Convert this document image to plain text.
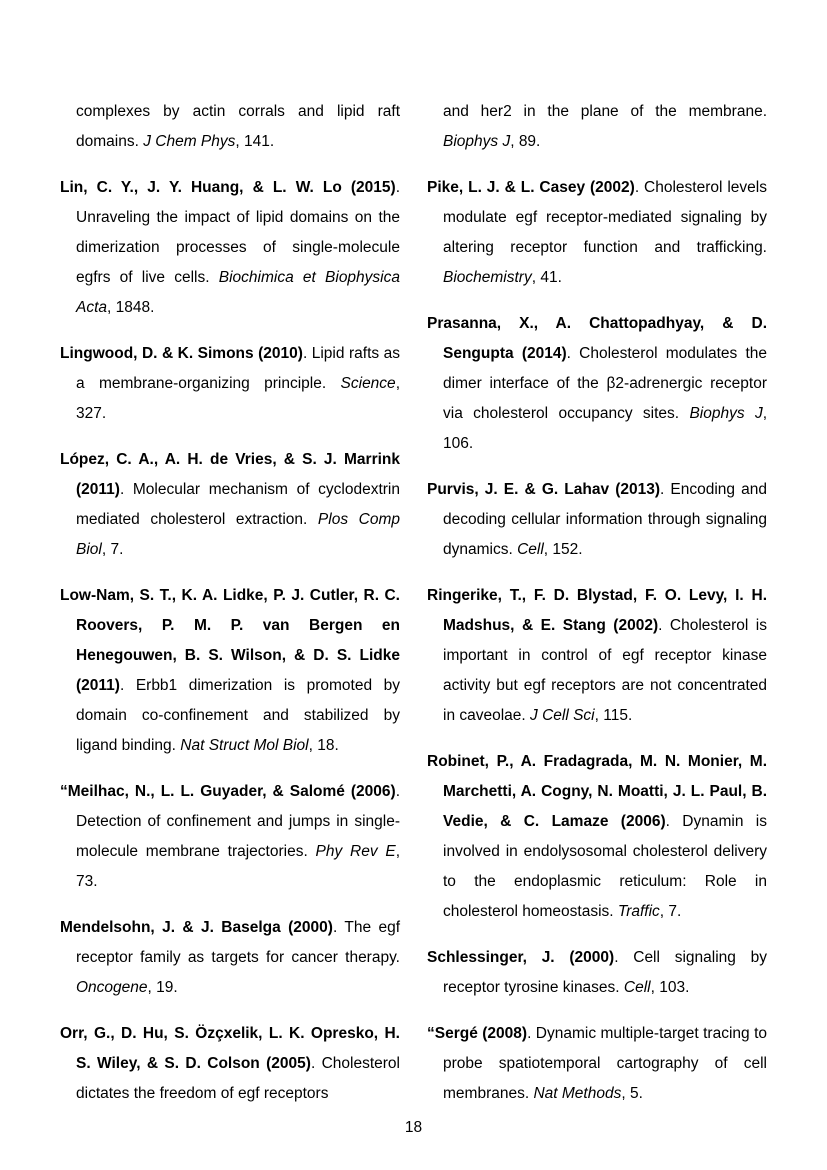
complexes by actin corrals and lipid raft domains. J Chem Phys, 141.

Lin, C. Y., J. Y. Huang, & L. W. Lo (2015). Unraveling the impact of lipid domains on the dimerization processes of single-molecule egfrs of live cells. Biochimica et Biophysica Acta, 1848.

Lingwood, D. & K. Simons (2010). Lipid rafts as a membrane-organizing principle. Science, 327.

López, C. A., A. H. de Vries, & S. J. Marrink (2011). Molecular mechanism of cyclodextrin mediated cholesterol extraction. Plos Comp Biol, 7.

Low-Nam, S. T., K. A. Lidke, P. J. Cutler, R. C. Roovers, P. M. P. van Bergen en Henegouwen, B. S. Wilson, & D. S. Lidke (2011). Erbb1 dimerization is promoted by domain co-confinement and stabilized by ligand binding. Nat Struct Mol Biol, 18.

“Meilhac, N., L. L. Guyader, & Salomé (2006). Detection of confinement and jumps in single-molecule membrane trajectories. Phy Rev E, 73.

Mendelsohn, J. & J. Baselga (2000). The egf receptor family as targets for cancer therapy. Oncogene, 19.

Orr, G., D. Hu, S. Özçxelik, L. K. Opresko, H. S. Wiley, & S. D. Colson (2005). Cholesterol dictates the freedom of egf receptors

and her2 in the plane of the membrane. Biophys J, 89.

Pike, L. J. & L. Casey (2002). Cholesterol levels modulate egf receptor-mediated signaling by altering receptor function and trafficking. Biochemistry, 41.

Prasanna, X., A. Chattopadhyay, & D. Sengupta (2014). Cholesterol modulates the dimer interface of the β2-adrenergic receptor via cholesterol occupancy sites. Biophys J, 106.

Purvis, J. E. & G. Lahav (2013). Encoding and decoding cellular information through signaling dynamics. Cell, 152.

Ringerike, T., F. D. Blystad, F. O. Levy, I. H. Madshus, & E. Stang (2002). Cholesterol is important in control of egf receptor kinase activity but egf receptors are not concentrated in caveolae. J Cell Sci, 115.

Robinet, P., A. Fradagrada, M. N. Monier, M. Marchetti, A. Cogny, N. Moatti, J. L. Paul, B. Vedie, & C. Lamaze (2006). Dynamin is involved in endolysosomal cholesterol delivery to the endoplasmic reticulum: Role in cholesterol homeostasis. Traffic, 7.

Schlessinger, J. (2000). Cell signaling by receptor tyrosine kinases. Cell, 103.

“Sergé (2008). Dynamic multiple-target tracing to probe spatiotemporal cartography of cell membranes. Nat Methods, 5.

18
